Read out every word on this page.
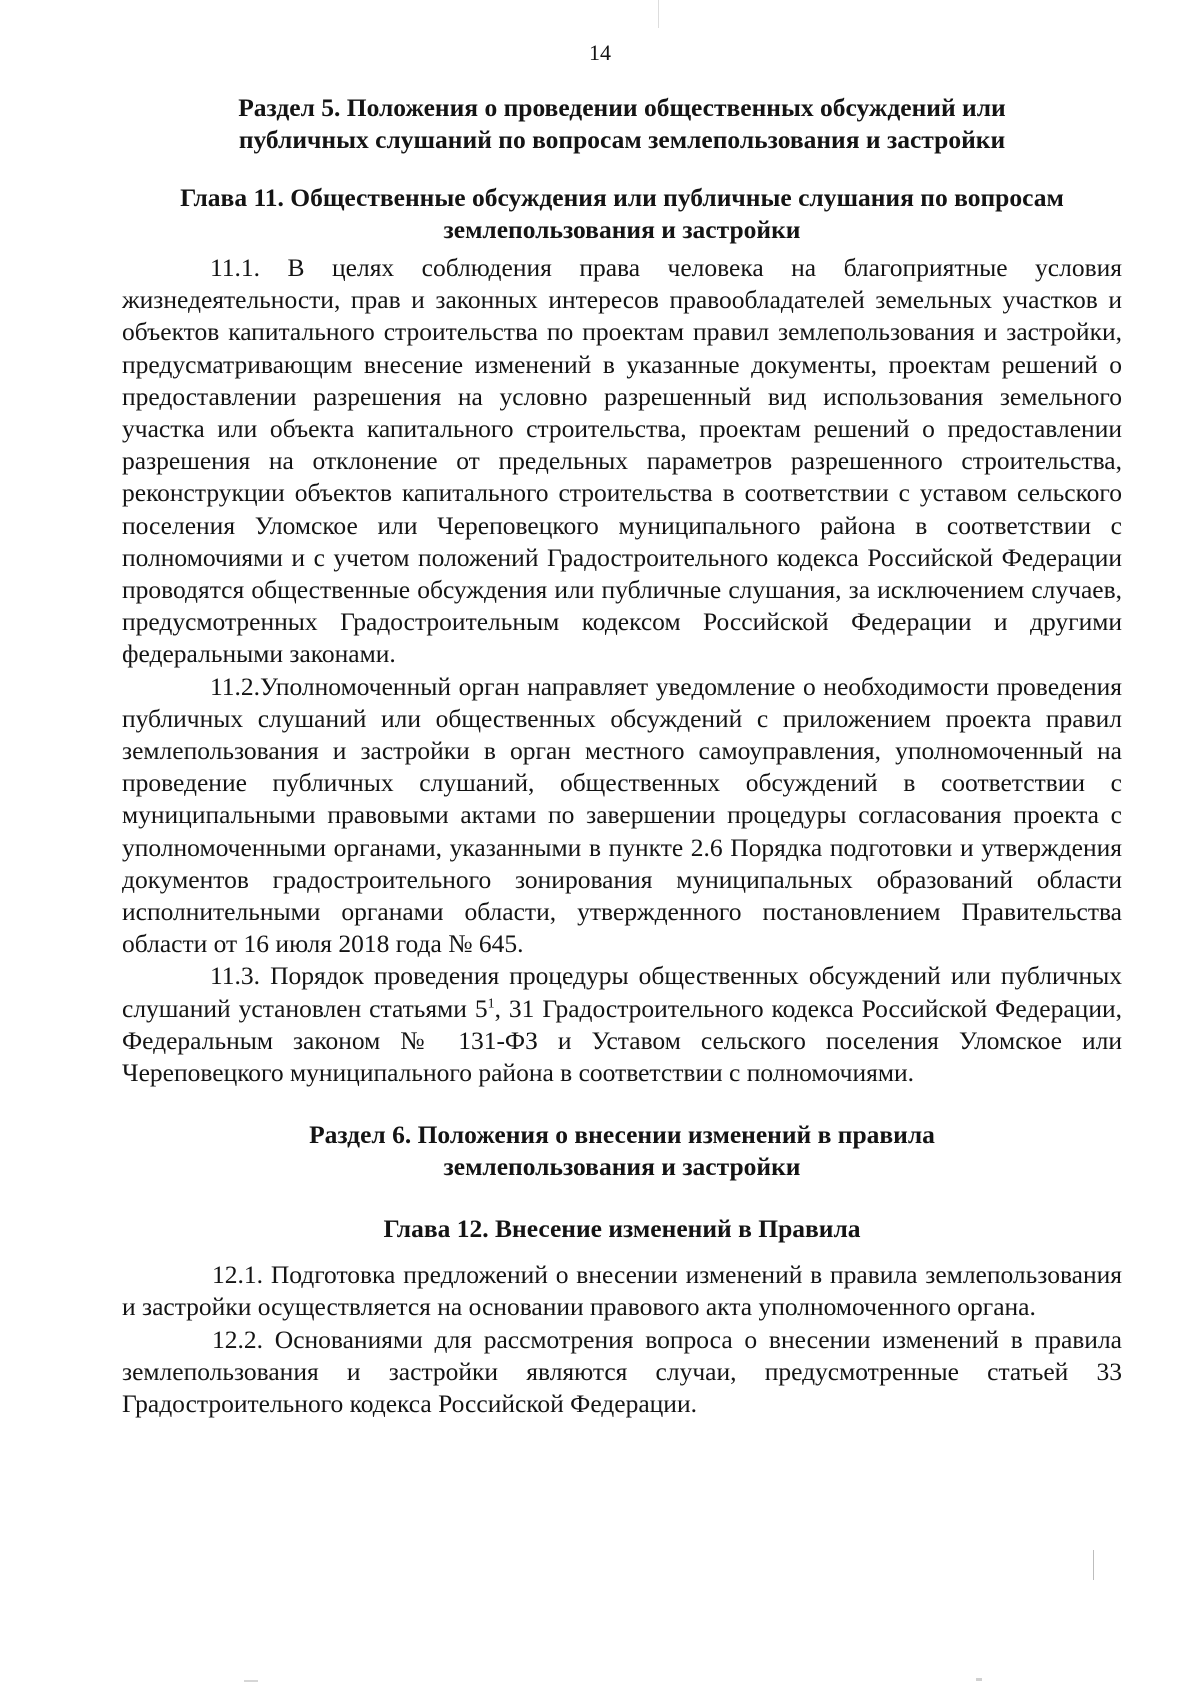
14
Раздел 5. Положения о проведении общественных обсуждений или
публичных слушаний по вопросам землепользования и застройки
Глава 11. Общественные обсуждения или публичные слушания по вопросам
землепользования и застройки

11.1. В целях соблюдения права человека на благоприятные условия жизнедеятельности, прав и законных интересов правообладателей земельных участков и объектов капитального строительства по проектам правил землепользования и застройки, предусматривающим внесение изменений в указанные документы, проектам решений о предоставлении разрешения на условно разрешенный вид использования земельного участка или объекта капитального строительства, проектам решений о предоставлении разрешения на отклонение от предельных параметров разрешенного строительства, реконструкции объектов капитального строительства в соответствии с уставом сельского поселения Уломское или Череповецкого муниципального района в соответствии с полномочиями и с учетом положений Градостроительного кодекса Российской Федерации проводятся общественные обсуждения или публичные слушания, за исключением случаев, предусмотренных Градостроительным кодексом Российской Федерации и другими федеральными законами.

11.2.Уполномоченный орган направляет уведомление о необходимости проведения публичных слушаний или общественных обсуждений с приложением проекта правил землепользования и застройки в орган местного самоуправления, уполномоченный на проведение публичных слушаний, общественных обсуждений в соответствии с муниципальными правовыми актами по завершении процедуры согласования проекта с уполномоченными органами, указанными в пункте 2.6 Порядка подготовки и утверждения документов градостроительного зонирования муниципальных образований области исполнительными органами области, утвержденного постановлением Правительства области от 16 июля 2018 года № 645.

11.3. Порядок проведения процедуры общественных обсуждений или публичных слушаний установлен статьями $5^1$, 31 Градостроительного кодекса Российской Федерации, Федеральным законом № 131-ФЗ и Уставом сельского поселения Уломское или Череповецкого муниципального района в соответствии с полномочиями.

Раздел 6. Положения о внесении изменений в правила
землепользования и застройки
Глава 12. Внесение изменений в Правила

12.1. Подготовка предложений о внесении изменений в правила землепользования и застройки осуществляется на основании правового акта уполномоченного органа.

12.2. Основаниями для рассмотрения вопроса о внесении изменений в правила землепользования и застройки являются случаи, предусмотренные статьей 33 Градостроительного кодекса Российской Федерации.
